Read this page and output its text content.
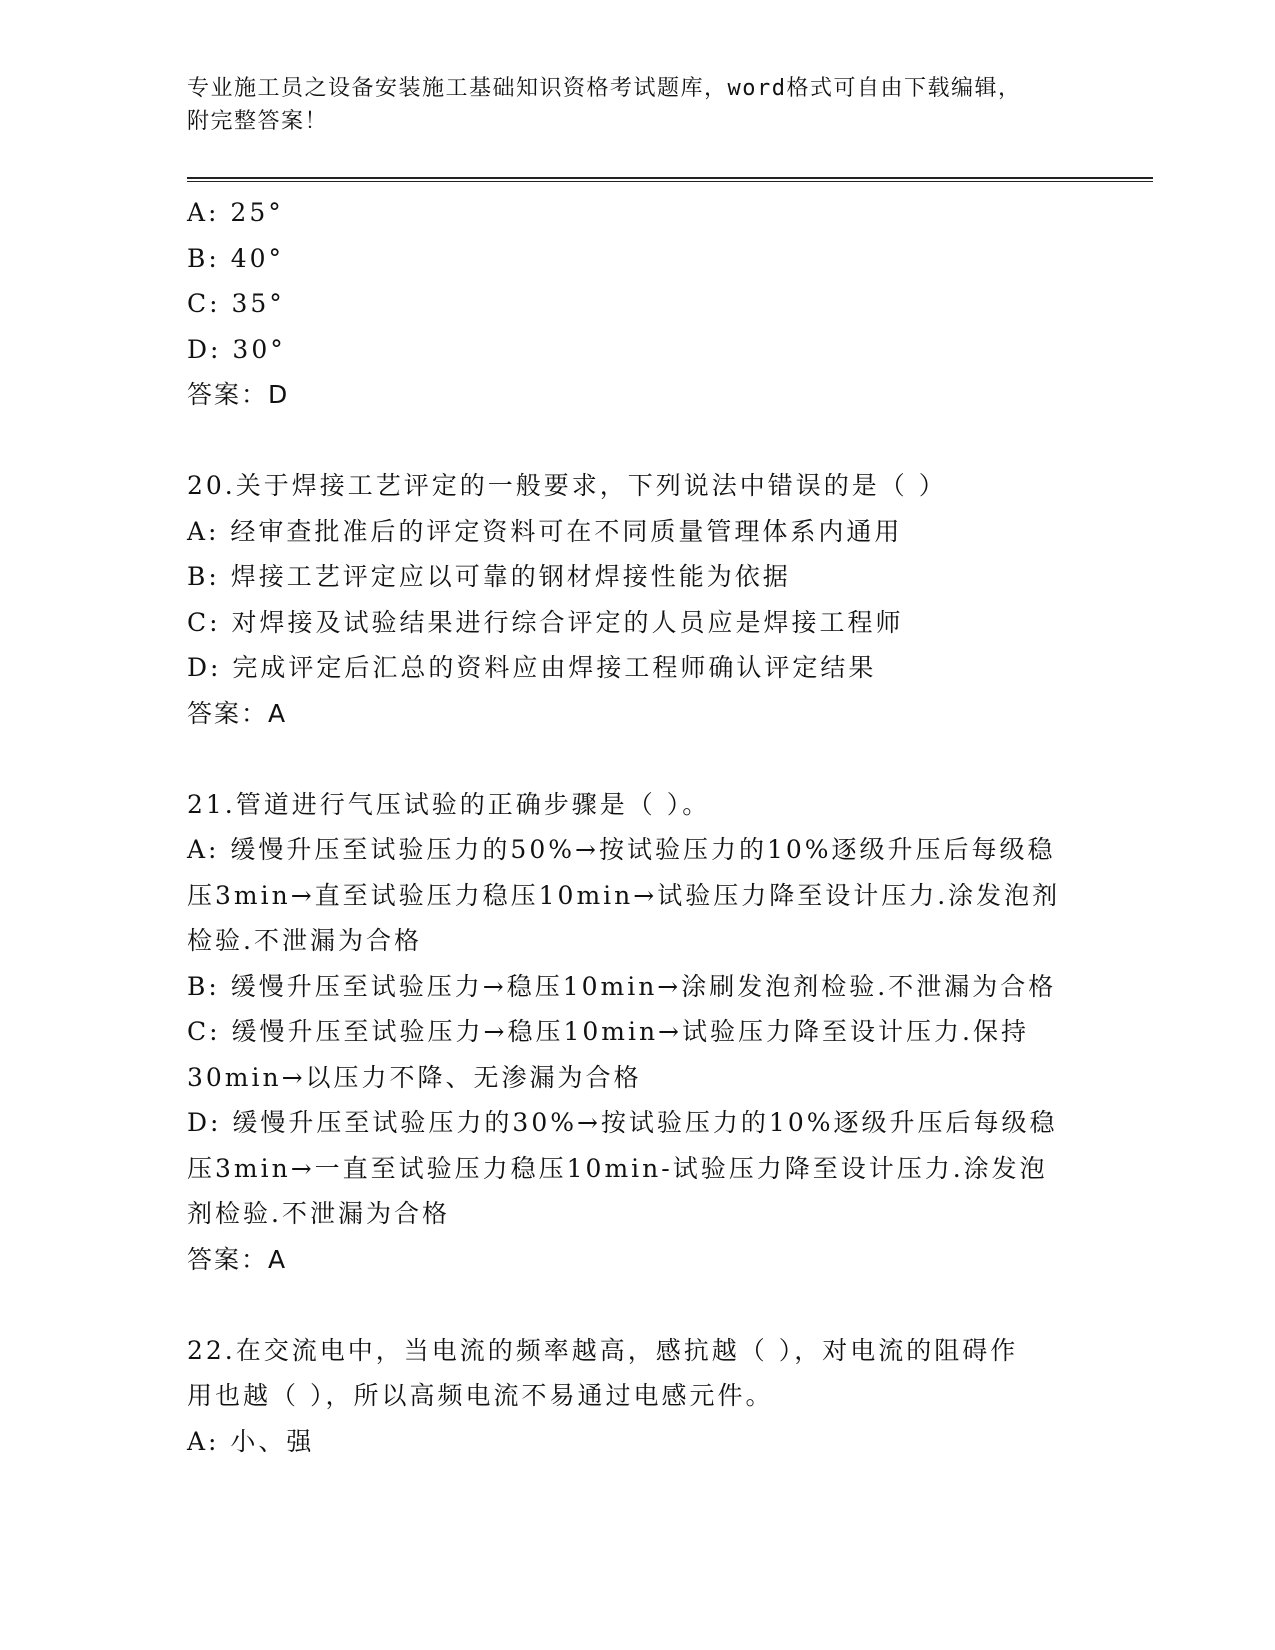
专业施工员之设备安装施工基础知识资格考试题库，word格式可自由下载编辑，
附完整答案！
A: 25°
B: 40°
C: 35°
D: 30°
答案：D
20.关于焊接工艺评定的一般要求，下列说法中错误的是（ ）
A: 经审查批准后的评定资料可在不同质量管理体系内通用
B: 焊接工艺评定应以可靠的钢材焊接性能为依据
C: 对焊接及试验结果进行综合评定的人员应是焊接工程师
D: 完成评定后汇总的资料应由焊接工程师确认评定结果
答案：A
21.管道进行气压试验的正确步骤是（ ）。
A: 缓慢升压至试验压力的50%→按试验压力的10%逐级升压后每级稳
压3min→直至试验压力稳压10min→试验压力降至设计压力.涂发泡剂
检验.不泄漏为合格
B: 缓慢升压至试验压力→稳压10min→涂刷发泡剂检验.不泄漏为合格
C: 缓慢升压至试验压力→稳压10min→试验压力降至设计压力.保持
30min→以压力不降、无渗漏为合格
D: 缓慢升压至试验压力的30%→按试验压力的10%逐级升压后每级稳
压3min→一直至试验压力稳压10min-试验压力降至设计压力.涂发泡
剂检验.不泄漏为合格
答案：A
22.在交流电中，当电流的频率越高，感抗越（ ），对电流的阻碍作
用也越（ ），所以高频电流不易通过电感元件。
A: 小、强
